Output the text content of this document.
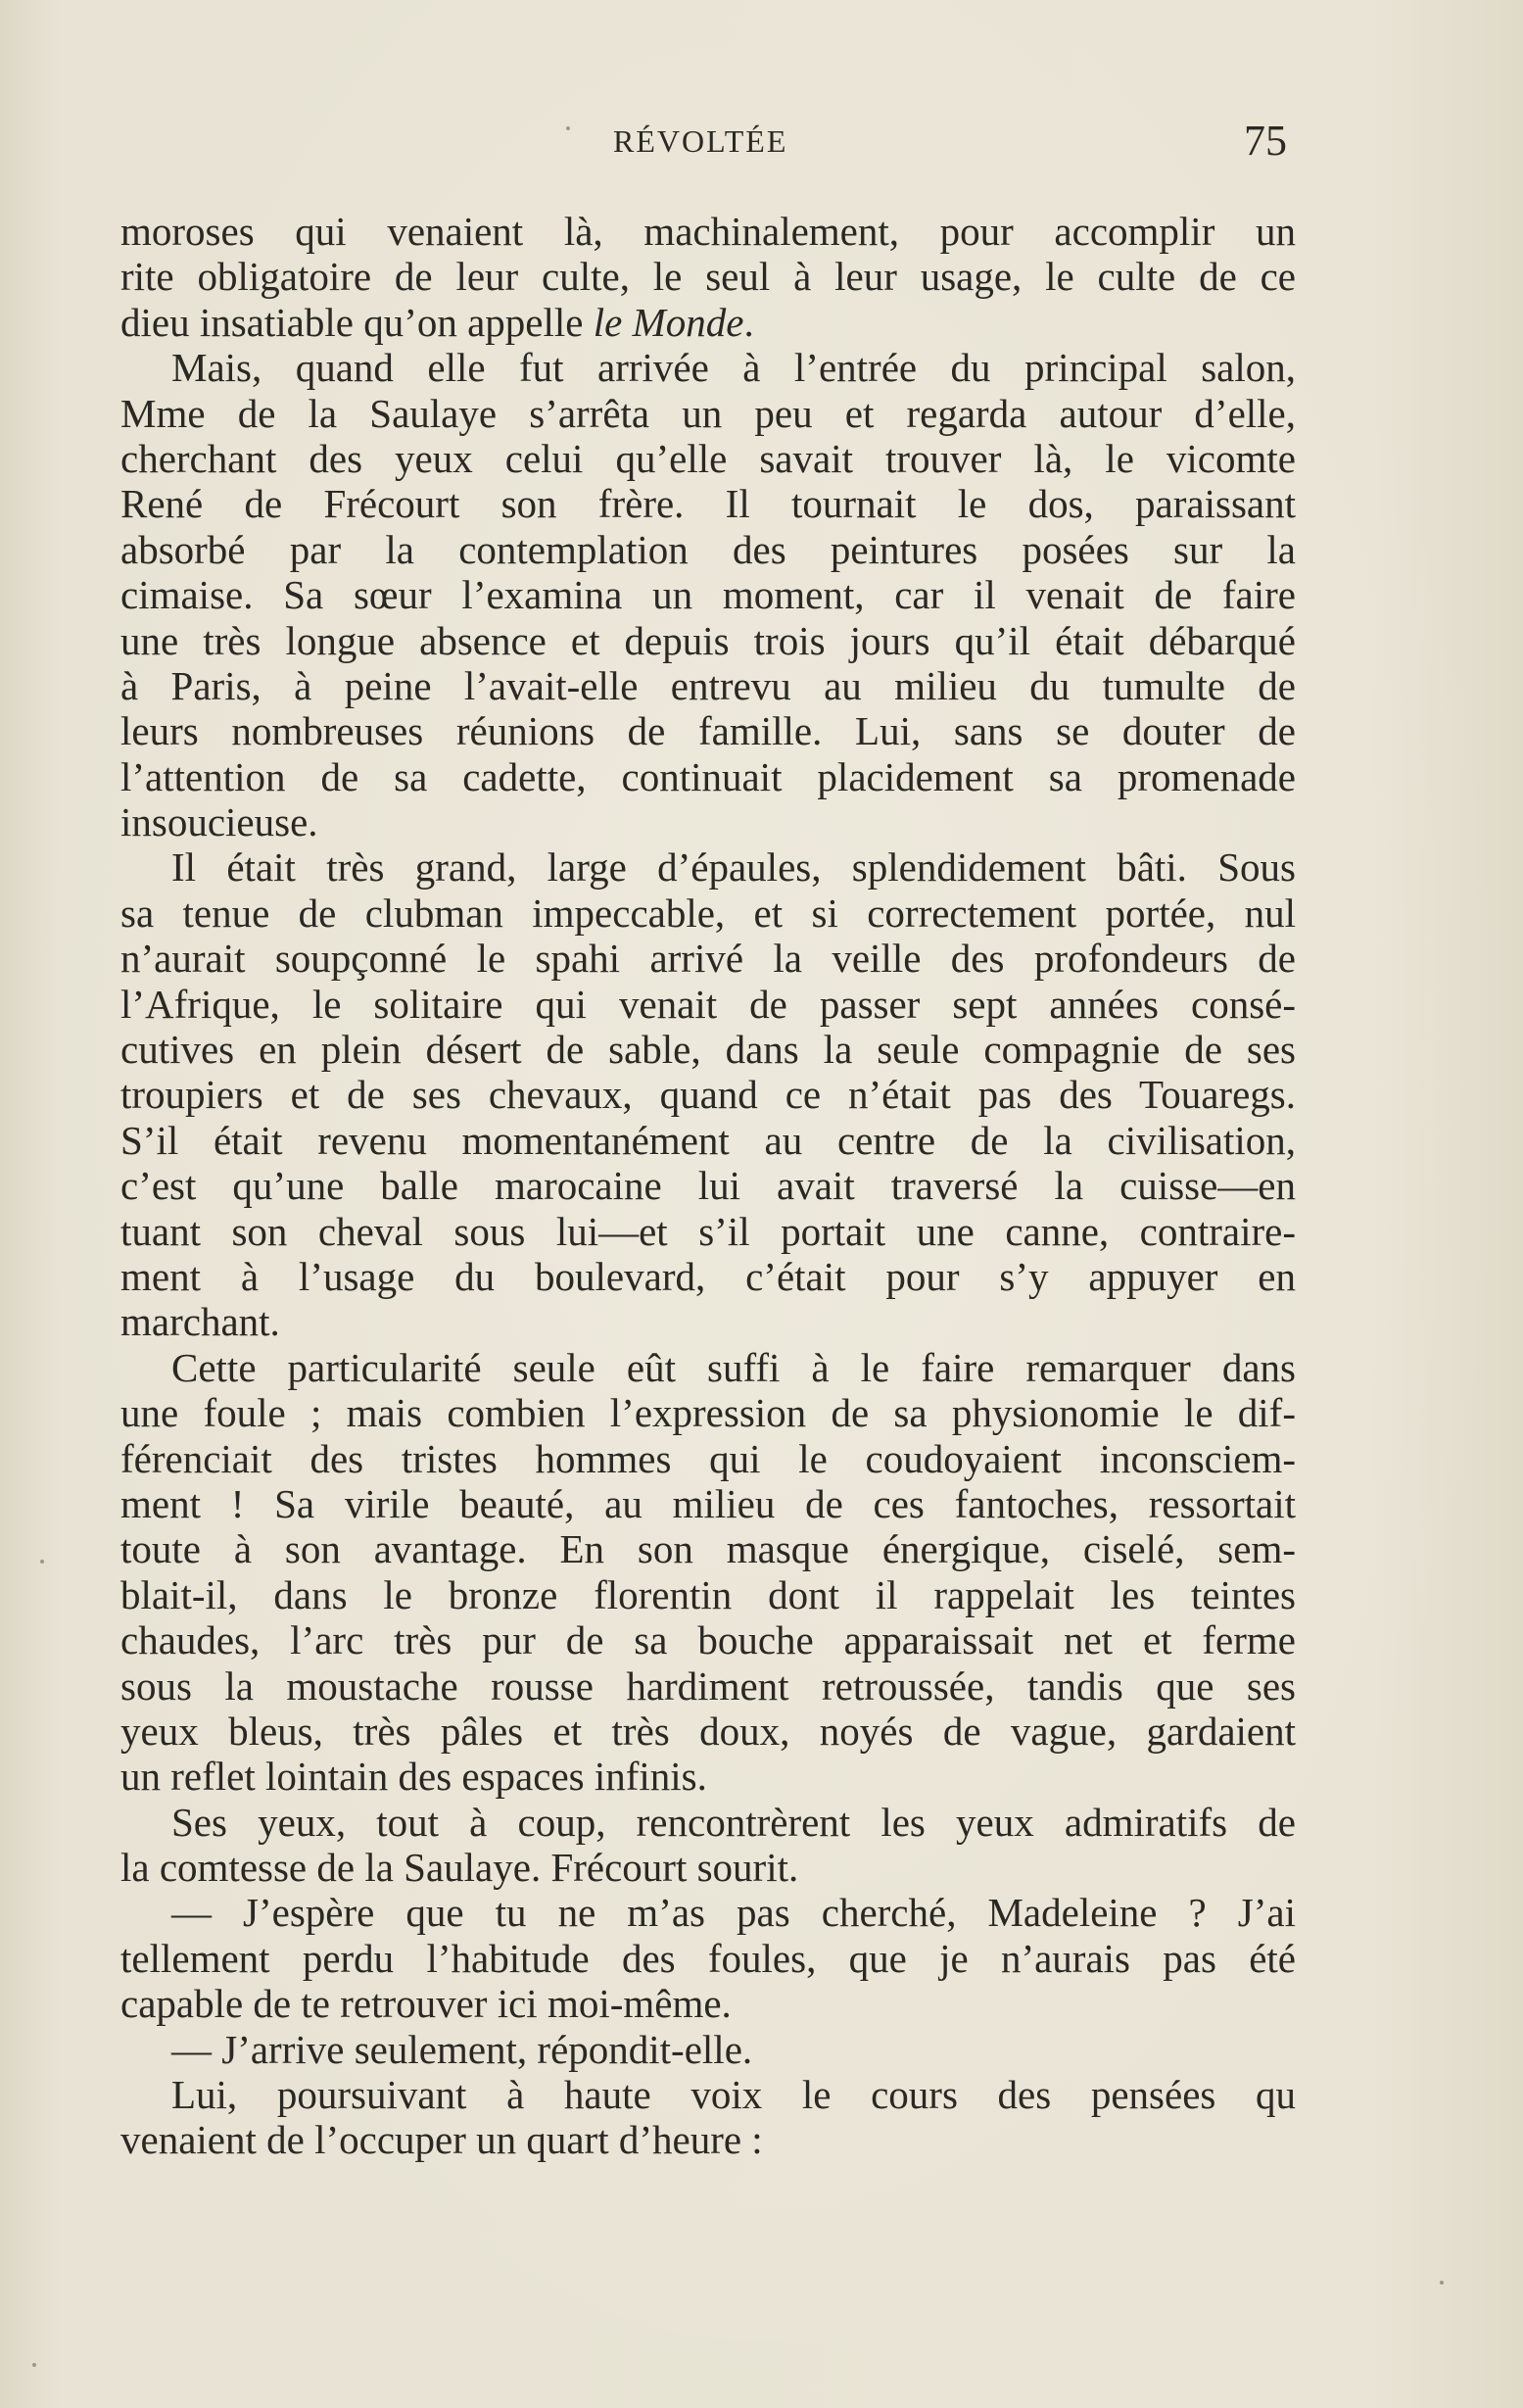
RÉVOLTÉE	75
moroses qui venaient là, machinalement, pour accomplir un
rite obligatoire de leur culte, le seul à leur usage, le culte de ce
dieu insatiable qu’on appelle le Monde.
Mais, quand elle fut arrivée à l’entrée du principal salon,
Mme de la Saulaye s’arrêta un peu et regarda autour d’elle,
cherchant des yeux celui qu’elle savait trouver là, le vicomte
René de Frécourt son frère. Il tournait le dos, paraissant
absorbé par la contemplation des peintures posées sur la
cimaise. Sa sœur l’examina un moment, car il venait de faire
une très longue absence et depuis trois jours qu’il était débarqué
à Paris, à peine l’avait-elle entrevu au milieu du tumulte de
leurs nombreuses réunions de famille. Lui, sans se douter de
l’attention de sa cadette, continuait placidement sa promenade
insoucieuse.
Il était très grand, large d’épaules, splendidement bâti. Sous
sa tenue de clubman impeccable, et si correctement portée, nul
n’aurait soupçonné le spahi arrivé la veille des profondeurs de
l’Afrique, le solitaire qui venait de passer sept années consé-
cutives en plein désert de sable, dans la seule compagnie de ses
troupiers et de ses chevaux, quand ce n’était pas des Touaregs.
S’il était revenu momentanément au centre de la civilisation,
c’est qu’une balle marocaine lui avait traversé la cuisse—en
tuant son cheval sous lui—et s’il portait une canne, contraire-
ment à l’usage du boulevard, c’était pour s’y appuyer en
marchant.
Cette particularité seule eût suffi à le faire remarquer dans
une foule ; mais combien l’expression de sa physionomie le dif-
férenciait des tristes hommes qui le coudoyaient inconsciem-
ment ! Sa virile beauté, au milieu de ces fantoches, ressortait
toute à son avantage. En son masque énergique, ciselé, sem-
blait-il, dans le bronze florentin dont il rappelait les teintes
chaudes, l’arc très pur de sa bouche apparaissait net et ferme
sous la moustache rousse hardiment retroussée, tandis que ses
yeux bleus, très pâles et très doux, noyés de vague, gardaient
un reflet lointain des espaces infinis.
Ses yeux, tout à coup, rencontrèrent les yeux admiratifs de
la comtesse de la Saulaye. Frécourt sourit.
— J’espère que tu ne m’as pas cherché, Madeleine ? J’ai
tellement perdu l’habitude des foules, que je n’aurais pas été
capable de te retrouver ici moi-même.
— J’arrive seulement, répondit-elle.
Lui, poursuivant à haute voix le cours des pensées qu
venaient de l’occuper un quart d’heure :
